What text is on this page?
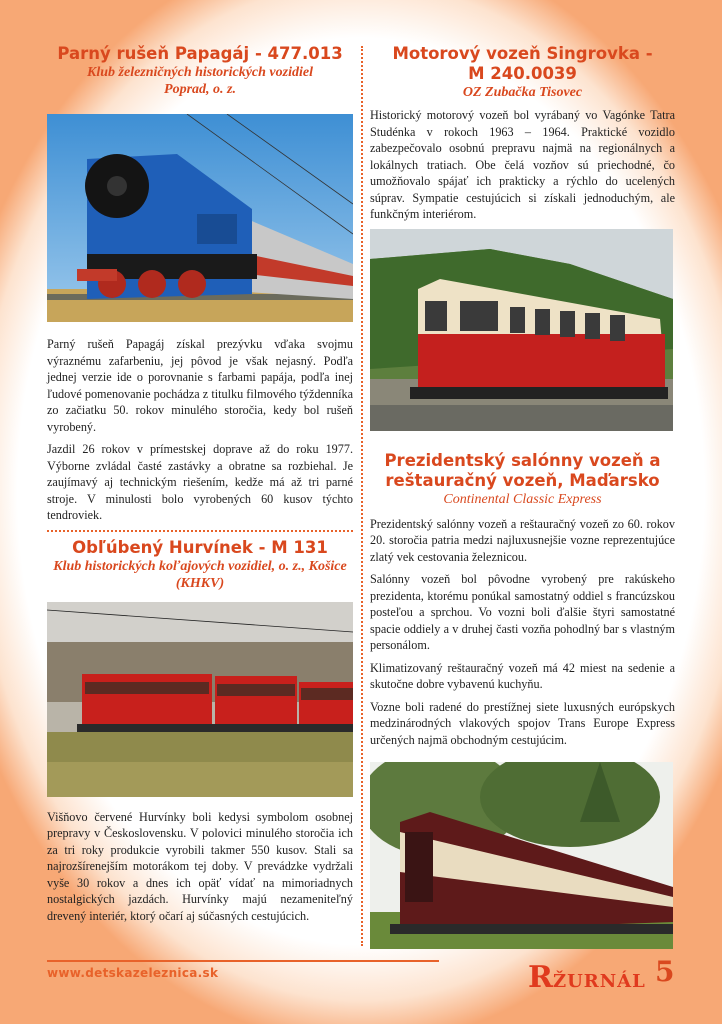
Parný rušeň Papagáj - 477.013
Klub železničných historických vozidiel Poprad, o. z.

Parný rušeň Papagáj získal prezývku vďaka svojmu výraznému zafarbeniu, jej pôvod je však nejasný. Podľa jednej verzie ide o porovnanie s farbami papája, podľa inej ľudové pomenovanie pochádza z titulku filmového týždenníka zo začiatku 50. rokov minulého storočia, kedy bol rušeň vyrobený.

Jazdil 26 rokov v prímestskej doprave až do roku 1977. Výborne zvládal časté zastávky a obratne sa rozbiehal. Je zaujímavý aj technickým riešením, kedže má až tri parné stroje. V minulosti bolo vyrobených 60 kusov týchto tendroviek.

Obľúbený Hurvínek - M 131
Klub historických koľajových vozidiel, o. z., Košice (KHKV)

Višňovo červené Hurvínky boli kedysi symbolom osobnej prepravy v Československu. V polovici minulého storočia ich za tri roky produkcie vyrobili takmer 550 kusov. Stali sa najrozšírenejším motorákom tej doby. V prevádzke vydržali vyše 30 rokov a dnes ich opäť vídať na mimoriadnych nostalgických jazdách. Hurvínky majú nezameniteľný drevený interiér, ktorý očarí aj súčasných cestujúcich.

Motorový vozeň Singrovka - M 240.0039
OZ Zubačka Tisovec

Historický motorový vozeň bol vyrábaný vo Vagónke Tatra Studénka v rokoch 1963 – 1964. Praktické vozidlo zabezpečovalo osobnú prepravu najmä na regionálnych a lokálnych tratiach. Obe čelá vozňov sú priechodné, čo umožňovalo spájať ich prakticky a rýchlo do ucelených súprav. Sympatie cestujúcich si získali jednoduchým, ale funkčným interiérom.

Prezidentský salónny vozeň a reštauračný vozeň, Maďarsko
Continental Classic Express

Prezidentský salónny vozeň a reštauračný vozeň zo 60. rokov 20. storočia patria medzi najluxusnejšie vozne reprezentujúce zlatý vek cestovania železnicou.

Salónny vozeň bol pôvodne vyrobený pre rakúskeho prezidenta, ktorému ponúkal samostatný oddiel s francúzskou posteľou a sprchou. Vo vozni boli ďalšie štyri samostatné spacie oddiely a v druhej časti vozňa pohodlný bar s vlastným personálom.

Klimatizovaný reštauračný vozeň má 42 miest na sedenie a skutočne dobre vybavenú kuchyňu.

Vozne boli radené do prestížnej siete luxusných európskych medzinárodných vlakových spojov Trans Europe Express určených najmä obchodným cestujúcim.

www.detskazeleznica.sk	RŽURNÁL 5
